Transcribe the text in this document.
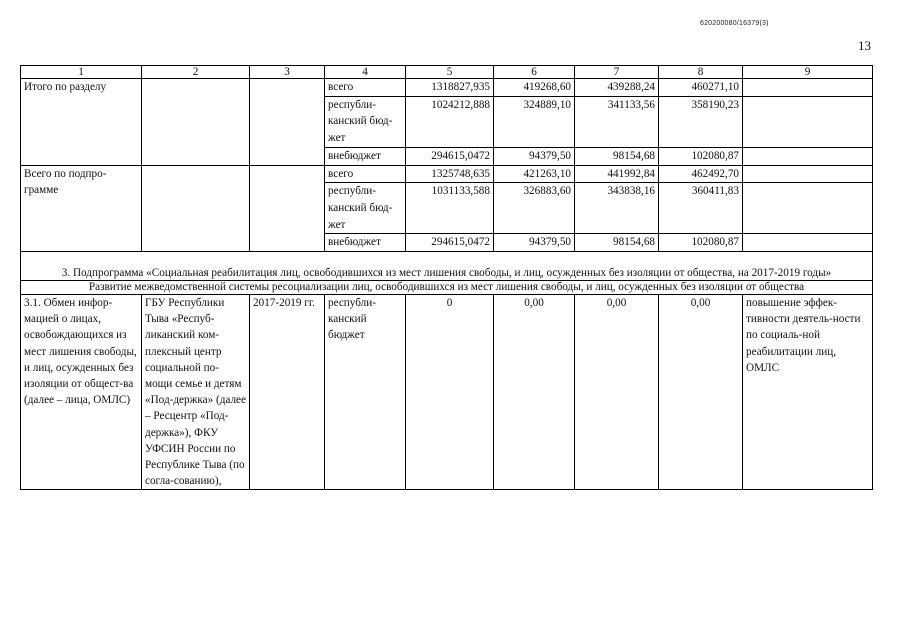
620200080/16379(3)
13
1	2	3	4	5	6	7	8	9
Итого по разделу			всего	1318827,935	419268,60	439288,24	460271,10	
			республи-канский бюд-жет	1024212,888	324889,10	341133,56	358190,23	
			внебюджет	294615,0472	94379,50	98154,68	102080,87	
Всего по подпро-грамме			всего	1325748,635	421263,10	441992,84	462492,70	
			республи-канский бюд-жет	1031133,588	326883,60	343838,16	360411,83	
			внебюджет	294615,0472	94379,50	98154,68	102080,87	
3. Подпрограмма «Социальная реабилитация лиц, освободившихся из мест лишения свободы, и лиц, осужденных без изоляции от общества, на 2017-2019 годы»								
Развитие межведомственной системы ресоциализации лиц, освободившихся из мест лишения свободы, и лиц, осужденных без изоляции от общества								
3.1. Обмен инфор-мацией о лицах, освобождающихся из мест лишения свободы, и лиц, осужденных без изоляции от общест-ва (далее – лица, ОМЛС)	ГБУ Республики Тыва «Респуб-ликанский ком-плексный центр социальной по-мощи семье и детям «Под-держка» (далее – Ресцентр «Под-держка»), ФКУ УФСИН России по Республике Тыва (по согла-сованию),	2017-2019 гг.	республи-канский бюджет	0	0,00	0,00	0,00	повышение эффек-тивности деятель-ности по социаль-ной реабилитации лиц, ОМЛС
